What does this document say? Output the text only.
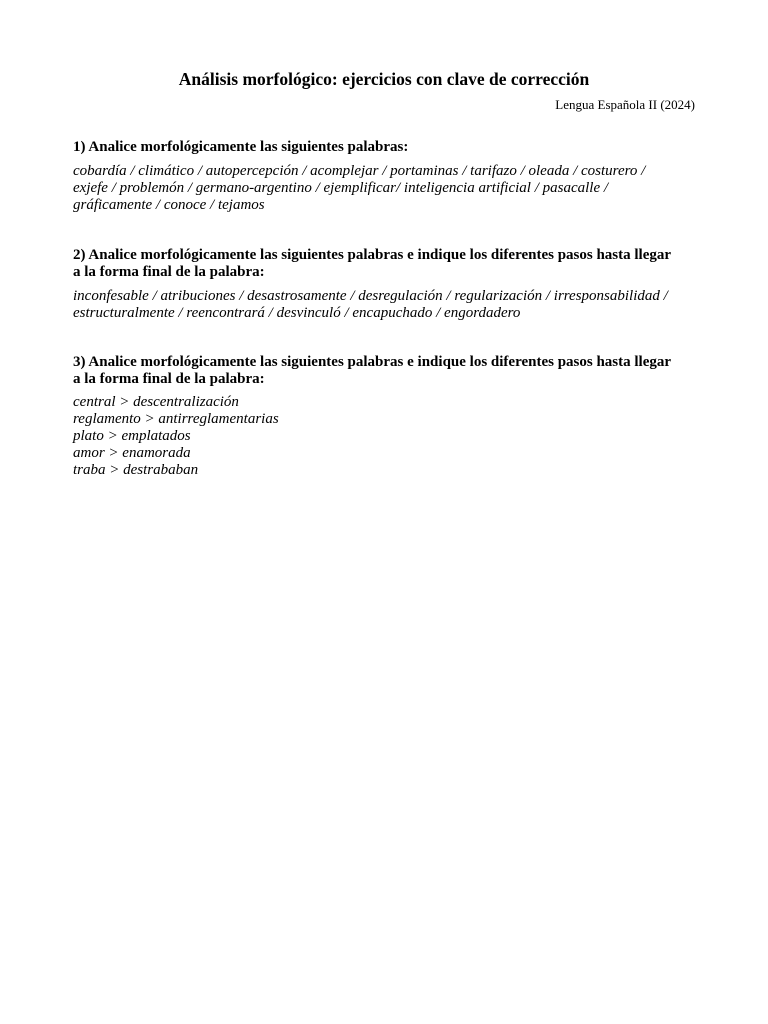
Análisis morfológico: ejercicios con clave de corrección
Lengua Española II (2024)

1) Analice morfológicamente las siguientes palabras:

cobardía / climático / autopercepción / acomplejar / portaminas / tarifazo / oleada / costurero /

exjefe / problemón / germano-argentino / ejemplificar/ inteligencia artificial / pasacalle /

gráficamente / conoce / tejamos

2) Analice morfológicamente las siguientes palabras e indique los diferentes pasos hasta llegar

a la forma final de la palabra:

inconfesable / atribuciones / desastrosamente / desregulación / regularización / irresponsabilidad /

estructuralmente / reencontrará / desvinculó / encapuchado / engordadero

3) Analice morfológicamente las siguientes palabras e indique los diferentes pasos hasta llegar

a la forma final de la palabra:

central > descentralización
reglamento > antirreglamentarias
plato > emplatados
amor > enamorada
traba > destrababan
